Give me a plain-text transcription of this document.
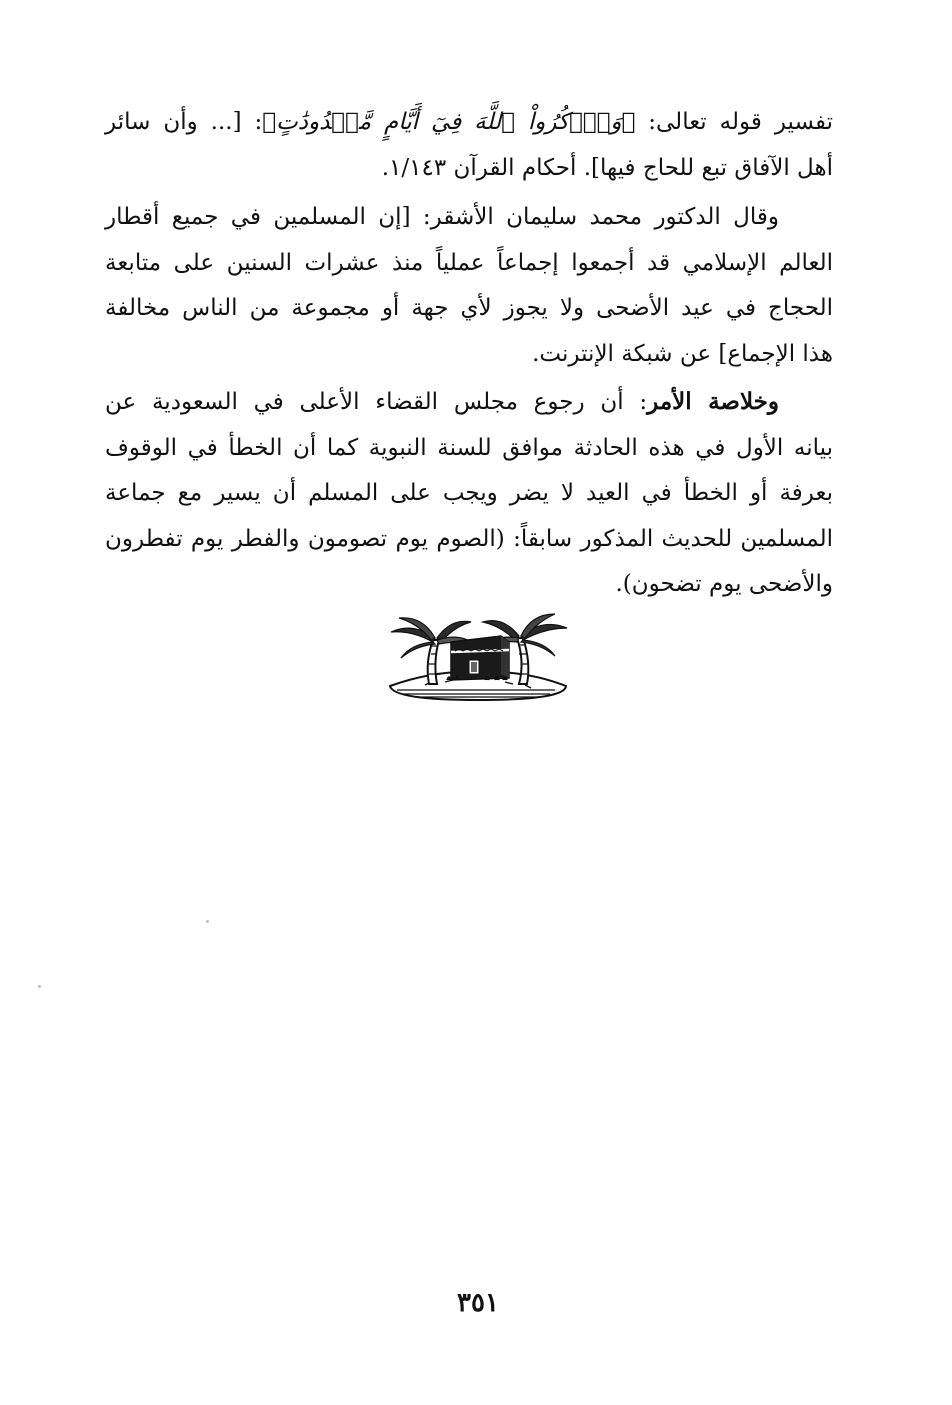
تفسير قوله تعالى: ﴿وَٱذۡكُرُواْ ٱللَّهَ فِيٓ أَيَّامٍ مَّعۡدُودَٰتٍ﴾: [... وأن سائر
أهل الآفاق تبع للحاج فيها]. أحكام القرآن ١/١٤٣.
وقال الدكتور محمد سليمان الأشقر: [إن المسلمين في جميع أقطار
العالم الإسلامي قد أجمعوا إجماعاً عملياً منذ عشرات السنين على متابعة
الحجاج في عيد الأضحى ولا يجوز لأي جهة أو مجموعة من الناس مخالفة
هذا الإجماع] عن شبكة الإنترنت.
وخلاصة الأمر: أن رجوع مجلس القضاء الأعلى في السعودية عن
بيانه الأول في هذه الحادثة موافق للسنة النبوية كما أن الخطأ في الوقوف
بعرفة أو الخطأ في العيد لا يضر ويجب على المسلم أن يسير مع جماعة
المسلمين للحديث المذكور سابقاً: (الصوم يوم تصومون والفطر يوم تفطرون
والأضحى يوم تضحون).
٣٥١
